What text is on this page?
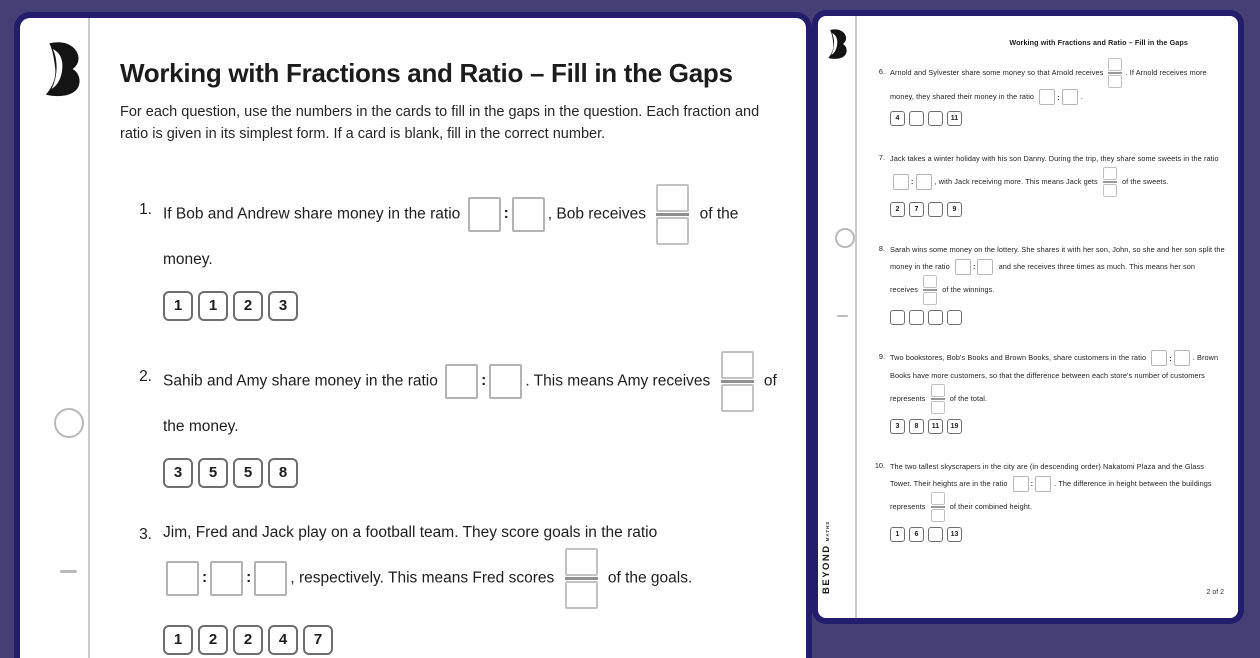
Working with Fractions and Ratio – Fill in the Gaps

For each question, use the numbers in the cards to fill in the gaps in the question. Each fraction and ratio is given in its simplest form. If a card is blank, fill in the correct number.

1. If Bob and Andrew share money in the ratio	:	, Bob receives	of the money.
1	1	2	3
2. Sahib and Amy share money in the ratio	:	. This means Amy receives	of the money.
3	5	5	8
3. Jim, Fred and Jack play on a football team. They score goals in the ratio
:	:	, respectively. This means Fred scores	of the goals.
1	2	2	4	7
Working with Fractions and Ratio – Fill in the Gaps
6. Arnold and Sylvester share some money so that Arnold receives	. If Arnold receives more money, they shared their money in the ratio	:	.
4	11
7. Jack takes a winter holiday with his son Danny. During the trip, they share some sweets in the ratio
:	, with Jack receiving more. This means Jack gets	of the sweets.
2	7	9
8. Sarah wins some money on the lottery. She shares it with her son, John, so she and her son split the money in the ratio	:	and she receives three times as much. This means her son receives	of the winnings.
9. Two bookstores, Bob's Books and Brown Books, share customers in the ratio	:	. Brown Books have more customers, so that the difference between each store's number of customers represents	of the total.
3	8	11	19
10. The two tallest skyscrapers in the city are (in descending order) Nakatomi Plaza and the Glass Tower. Their heights are in the ratio	:	. The difference in height between the buildings represents	of their combined height.
1	6	13
BEYONDMATHS
2 of 2
